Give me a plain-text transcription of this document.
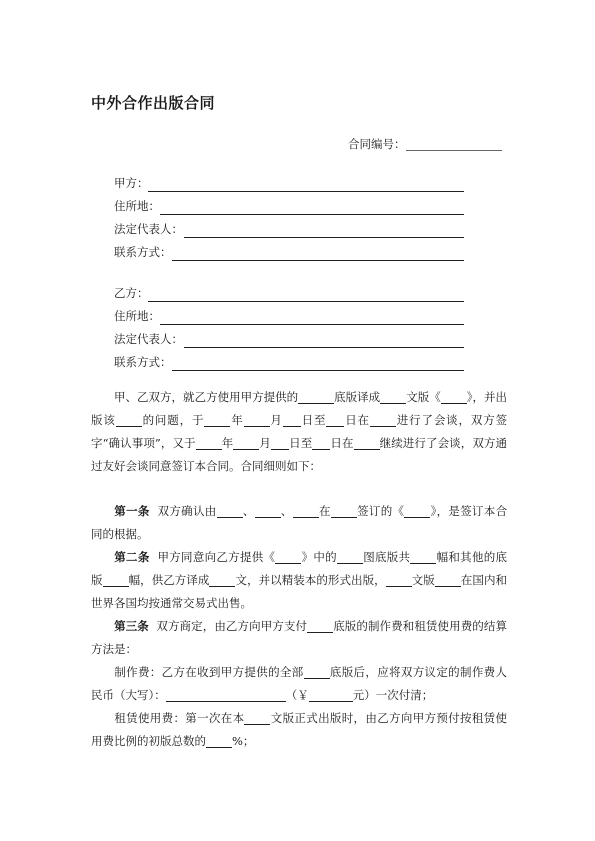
中外合作出版合同
合同编号：
甲方：
住所地：
法定代表人：
联系方式：
乙方：
住所地：
法定代表人：
联系方式：

甲、乙双方，就乙方使用甲方提供的	底版译成 文版《 》，并出版该 的问题，于 年 月 日至 日在 进行了会谈，双方签字“确认事项”，又于 年 月 日至 日在 继续进行了会谈，双方通过友好会谈同意签订本合同。合同细则如下：

第一条 双方确认由 、 、 在 签订的《 》，是签订本合同的根据。

第二条 甲方同意向乙方提供《 》中的 图底版共 幅和其他的底版 幅，供乙方译成 文，并以精装本的形式出版， 文版 在国内和世界各国均按通常交易式出售。

第三条 双方商定，由乙方向甲方支付 底版的制作费和租赁使用费的结算方法是：

制作费：乙方在收到甲方提供的全部 底版后，应将双方议定的制作费人民币（大写）：	（￥	元）一次付清；

租赁使用费：第一次在本 文版正式出版时，由乙方向甲方预付按租赁使用费比例的初版总数的 %；
